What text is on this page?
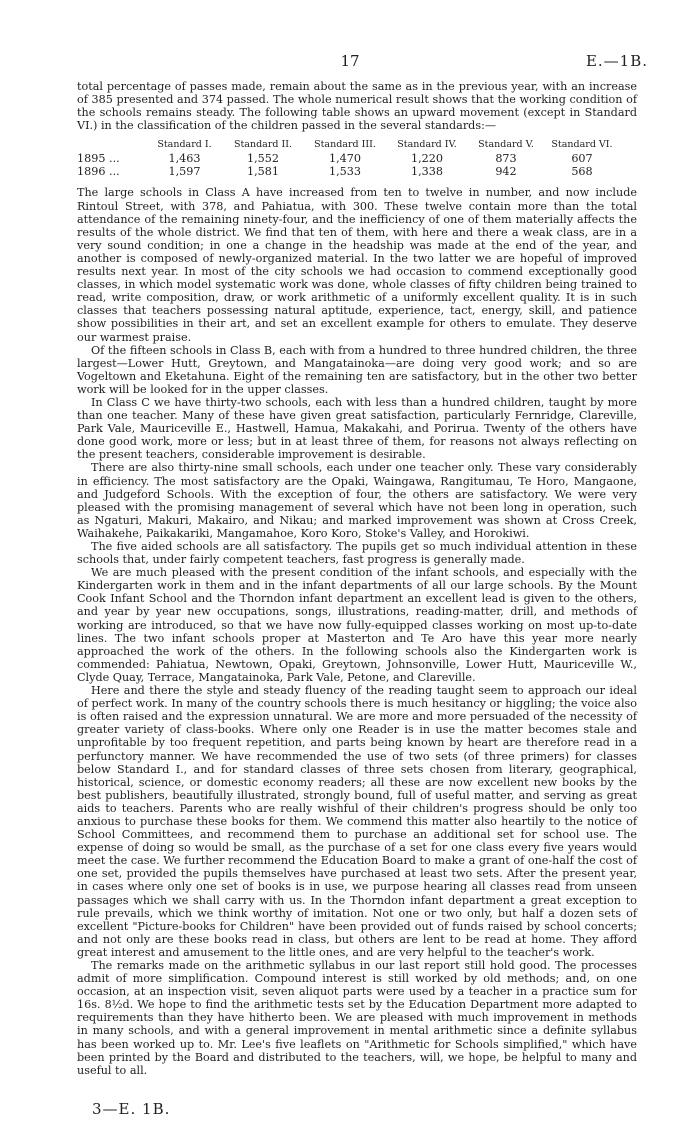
17	E.—1B.

total percentage of passes made, remain about the same as in the previous year, with an increase of 385 presented and 374 passed. The whole numerical result shows that the working condition of the schools remains steady. The following table shows an upward movement (except in Standard VI.) in the classification of the children passed in the several standards:—

	Standard I.	Standard II.	Standard III.	Standard IV.	Standard V.	Standard VI.
1895 ...	1,463	1,552	1,470	1,220	873	607
1896 ...	1,597	1,581	1,533	1,338	942	568

The large schools in Class A have increased from ten to twelve in number, and now include Rintoul Street, with 378, and Pahiatua, with 300. These twelve contain more than the total attendance of the remaining ninety-four, and the inefficiency of one of them materially affects the results of the whole district. We find that ten of them, with here and there a weak class, are in a very sound condition; in one a change in the headship was made at the end of the year, and another is composed of newly-organized material. In the two latter we are hopeful of improved results next year. In most of the city schools we had occasion to commend exceptionally good classes, in which model systematic work was done, whole classes of fifty children being trained to read, write composition, draw, or work arithmetic of a uniformly excellent quality. It is in such classes that teachers possessing natural aptitude, experience, tact, energy, skill, and patience show possibilities in their art, and set an excellent example for others to emulate. They deserve our warmest praise.

Of the fifteen schools in Class B, each with from a hundred to three hundred children, the three largest—Lower Hutt, Greytown, and Mangatainoka—are doing very good work; and so are Vogeltown and Eketahuna. Eight of the remaining ten are satisfactory, but in the other two better work will be looked for in the upper classes.

In Class C we have thirty-two schools, each with less than a hundred children, taught by more than one teacher. Many of these have given great satisfaction, particularly Fernridge, Clareville, Park Vale, Mauriceville E., Hastwell, Hamua, Makakahi, and Porirua. Twenty of the others have done good work, more or less; but in at least three of them, for reasons not always reflecting on the present teachers, considerable improvement is desirable.

There are also thirty-nine small schools, each under one teacher only. These vary considerably in efficiency. The most satisfactory are the Opaki, Waingawa, Rangitumau, Te Horo, Mangaone, and Judgeford Schools. With the exception of four, the others are satisfactory. We were very pleased with the promising management of several which have not been long in operation, such as Ngaturi, Makuri, Makairo, and Nikau; and marked improvement was shown at Cross Creek, Waihakehe, Paikakariki, Mangamahoe, Koro Koro, Stoke's Valley, and Horokiwi.

The five aided schools are all satisfactory. The pupils get so much individual attention in these schools that, under fairly competent teachers, fast progress is generally made.

We are much pleased with the present condition of the infant schools, and especially with the Kindergarten work in them and in the infant departments of all our large schools. By the Mount Cook Infant School and the Thorndon infant department an excellent lead is given to the others, and year by year new occupations, songs, illustrations, reading-matter, drill, and methods of working are introduced, so that we have now fully-equipped classes working on most up-to-date lines. The two infant schools proper at Masterton and Te Aro have this year more nearly approached the work of the others. In the following schools also the Kindergarten work is commended: Pahiatua, Newtown, Opaki, Greytown, Johnsonville, Lower Hutt, Mauriceville W., Clyde Quay, Terrace, Mangatainoka, Park Vale, Petone, and Clareville.

Here and there the style and steady fluency of the reading taught seem to approach our ideal of perfect work. In many of the country schools there is much hesitancy or higgling; the voice also is often raised and the expression unnatural. We are more and more persuaded of the necessity of greater variety of class-books. Where only one Reader is in use the matter becomes stale and unprofitable by too frequent repetition, and parts being known by heart are therefore read in a perfunctory manner. We have recommended the use of two sets (of three primers) for classes below Standard I., and for standard classes of three sets chosen from literary, geographical, historical, science, or domestic economy readers; all these are now excellent new books by the best publishers, beautifully illustrated, strongly bound, full of useful matter, and serving as great aids to teachers. Parents who are really wishful of their children's progress should be only too anxious to purchase these books for them. We commend this matter also heartily to the notice of School Committees, and recommend them to purchase an additional set for school use. The expense of doing so would be small, as the purchase of a set for one class every five years would meet the case. We further recommend the Education Board to make a grant of one-half the cost of one set, provided the pupils themselves have purchased at least two sets. After the present year, in cases where only one set of books is in use, we purpose hearing all classes read from unseen passages which we shall carry with us. In the Thorndon infant department a great exception to rule prevails, which we think worthy of imitation. Not one or two only, but half a dozen sets of excellent "Picture-books for Children" have been provided out of funds raised by school concerts; and not only are these books read in class, but others are lent to be read at home. They afford great interest and amusement to the little ones, and are very helpful to the teacher's work.

The remarks made on the arithmetic syllabus in our last report still hold good. The processes admit of more simplification. Compound interest is still worked by old methods; and, on one occasion, at an inspection visit, seven aliquot parts were used by a teacher in a practice sum for 16s. 8½d. We hope to find the arithmetic tests set by the Education Department more adapted to requirements than they have hitherto been. We are pleased with much improvement in methods in many schools, and with a general improvement in mental arithmetic since a definite syllabus has been worked up to. Mr. Lee's five leaflets on "Arithmetic for Schools simplified," which have been printed by the Board and distributed to the teachers, will, we hope, be helpful to many and useful to all.

3—E. 1B.
